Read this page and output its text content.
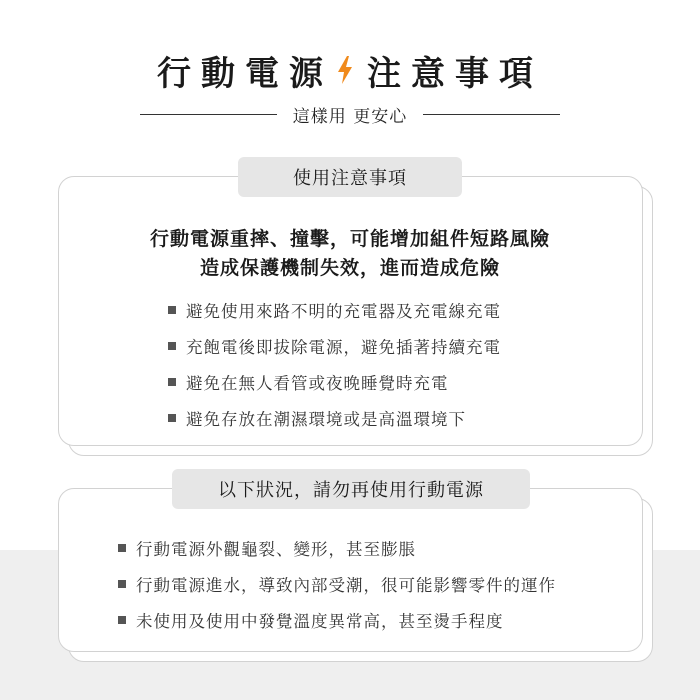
行動電源 注意事項
這樣用 更安心
使用注意事項
行動電源重摔、撞擊，可能增加組件短路風險
造成保護機制失效，進而造成危險
避免使用來路不明的充電器及充電線充電
充飽電後即拔除電源，避免插著持續充電
避免在無人看管或夜晚睡覺時充電
避免存放在潮濕環境或是高溫環境下
以下狀況，請勿再使用行動電源
行動電源外觀龜裂、變形，甚至膨脹
行動電源進水，導致內部受潮，很可能影響零件的運作
未使用及使用中發覺溫度異常高，甚至燙手程度
